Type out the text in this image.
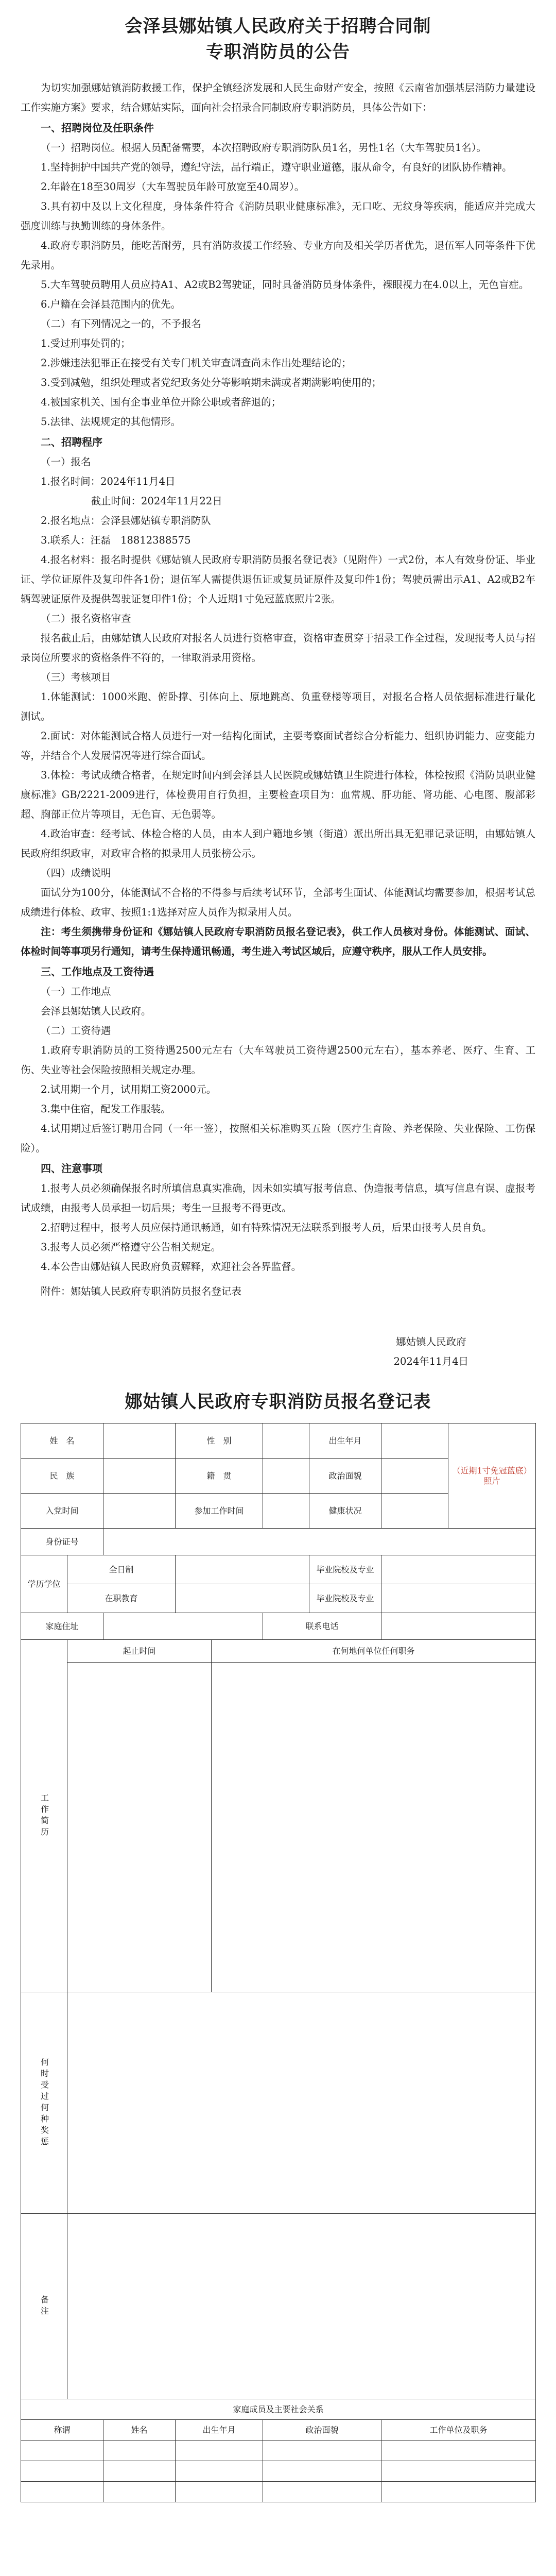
会泽县娜姑镇人民政府关于招聘合同制
专职消防员的公告

为切实加强娜姑镇消防救援工作，保护全镇经济发展和人民生命财产安全，按照《云南省加强基层消防力量建设工作实施方案》要求，结合娜姑实际，面向社会招录合同制政府专职消防员，具体公告如下：

一、招聘岗位及任职条件

（一）招聘岗位。根据人员配备需要，本次招聘政府专职消防队员1名，男性1名（大车驾驶员1名）。

1.坚持拥护中国共产党的领导，遵纪守法，品行端正，遵守职业道德，服从命令，有良好的团队协作精神。

2.年龄在18至30周岁（大车驾驶员年龄可放宽至40周岁）。

3.具有初中及以上文化程度，身体条件符合《消防员职业健康标准》，无口吃、无纹身等疾病，能适应并完成大强度训练与执勤训练的身体条件。

4.政府专职消防员，能吃苦耐劳，具有消防救援工作经验、专业方向及相关学历者优先，退伍军人同等条件下优先录用。

5.大车驾驶员聘用人员应持A1、A2或B2驾驶证，同时具备消防员身体条件，裸眼视力在4.0以上，无色盲症。

6.户籍在会泽县范围内的优先。

（二）有下列情况之一的，不予报名

1.受过刑事处罚的；

2.涉嫌违法犯罪正在接受有关专门机关审查调查尚未作出处理结论的；

3.受到减勉，组织处理或者党纪政务处分等影响期未满或者期满影响使用的；

4.被国家机关、国有企事业单位开除公职或者辞退的；

5.法律、法规规定的其他情形。

二、招聘程序

（一）报名

1.报名时间：2024年11月4日

截止时间：2024年11月22日

2.报名地点：会泽县娜姑镇专职消防队

3.联系人：汪磊　18812388575

4.报名材料：报名时提供《娜姑镇人民政府专职消防员报名登记表》（见附件）一式2份，本人有效身份证、毕业证、学位证原件及复印件各1份；退伍军人需提供退伍证或复员证原件及复印件1份；驾驶员需出示A1、A2或B2车辆驾驶证原件及提供驾驶证复印件1份；个人近期1寸免冠蓝底照片2张。

（二）报名资格审查

报名截止后，由娜姑镇人民政府对报名人员进行资格审查，资格审查贯穿于招录工作全过程，发现报考人员与招录岗位所要求的资格条件不符的，一律取消录用资格。

（三）考核项目

1.体能测试：1000米跑、俯卧撑、引体向上、原地跳高、负重登楼等项目，对报名合格人员依据标准进行量化测试。

2.面试：对体能测试合格人员进行一对一结构化面试，主要考察面试者综合分析能力、组织协调能力、应变能力等，并结合个人发展情况等进行综合面试。

3.体检：考试成绩合格者，在规定时间内到会泽县人民医院或娜姑镇卫生院进行体检，体检按照《消防员职业健康标准》GB/2221-2009进行，体检费用自行负担，主要检查项目为：血常规、肝功能、肾功能、心电图、腹部彩超、胸部正位片等项目，无色盲、无色弱等。

4.政治审查：经考试、体检合格的人员，由本人到户籍地乡镇（街道）派出所出具无犯罪记录证明，由娜姑镇人民政府组织政审，对政审合格的拟录用人员张榜公示。

（四）成绩说明

面试分为100分，体能测试不合格的不得参与后续考试环节，全部考生面试、体能测试均需要参加，根据考试总成绩进行体检、政审、按照1:1选择对应人员作为拟录用人员。

注：考生须携带身份证和《娜姑镇人民政府专职消防员报名登记表》，供工作人员核对身份。体能测试、面试、体检时间等事项另行通知，请考生保持通讯畅通，考生进入考试区域后，应遵守秩序，服从工作人员安排。

三、工作地点及工资待遇

（一）工作地点

会泽县娜姑镇人民政府。

（二）工资待遇

1.政府专职消防员的工资待遇2500元左右（大车驾驶员工资待遇2500元左右），基本养老、医疗、生育、工伤、失业等社会保险按照相关规定办理。

2.试用期一个月，试用期工资2000元。

3.集中住宿，配发工作服装。

4.试用期过后签订聘用合同（一年一签），按照相关标准购买五险（医疗生育险、养老保险、失业保险、工伤保险）。

四、注意事项

1.报考人员必须确保报名时所填信息真实准确，因未如实填写报考信息、伪造报考信息，填写信息有误、虚报考试成绩，由报考人员承担一切后果；考生一旦报考不得更改。

2.招聘过程中，报考人员应保持通讯畅通，如有特殊情况无法联系到报考人员，后果由报考人员自负。

3.报考人员必须严格遵守公告相关规定。

4.本公告由娜姑镇人民政府负责解释，欢迎社会各界监督。

附件：娜姑镇人民政府专职消防员报名登记表

娜姑镇人民政府
2024年11月4日
娜姑镇人民政府专职消防员报名登记表
姓　名			性　别			出生年月		（近期1寸免冠蓝底）照片
民　族			籍　贯			政治面貌		
入党时间			参加工作时间			健康状况		
身份证号								
学历学位	全日制					毕业院校及专业		
	在职教育					毕业院校及专业		
家庭住址					联系电话			

工作简历	起止时间			在何地何单位任何职务				

何时受过何种奖惩								

备注								

家庭成员及主要社会关系								
称谓		姓名	出生年月		政治面貌		工作单位及职务	
